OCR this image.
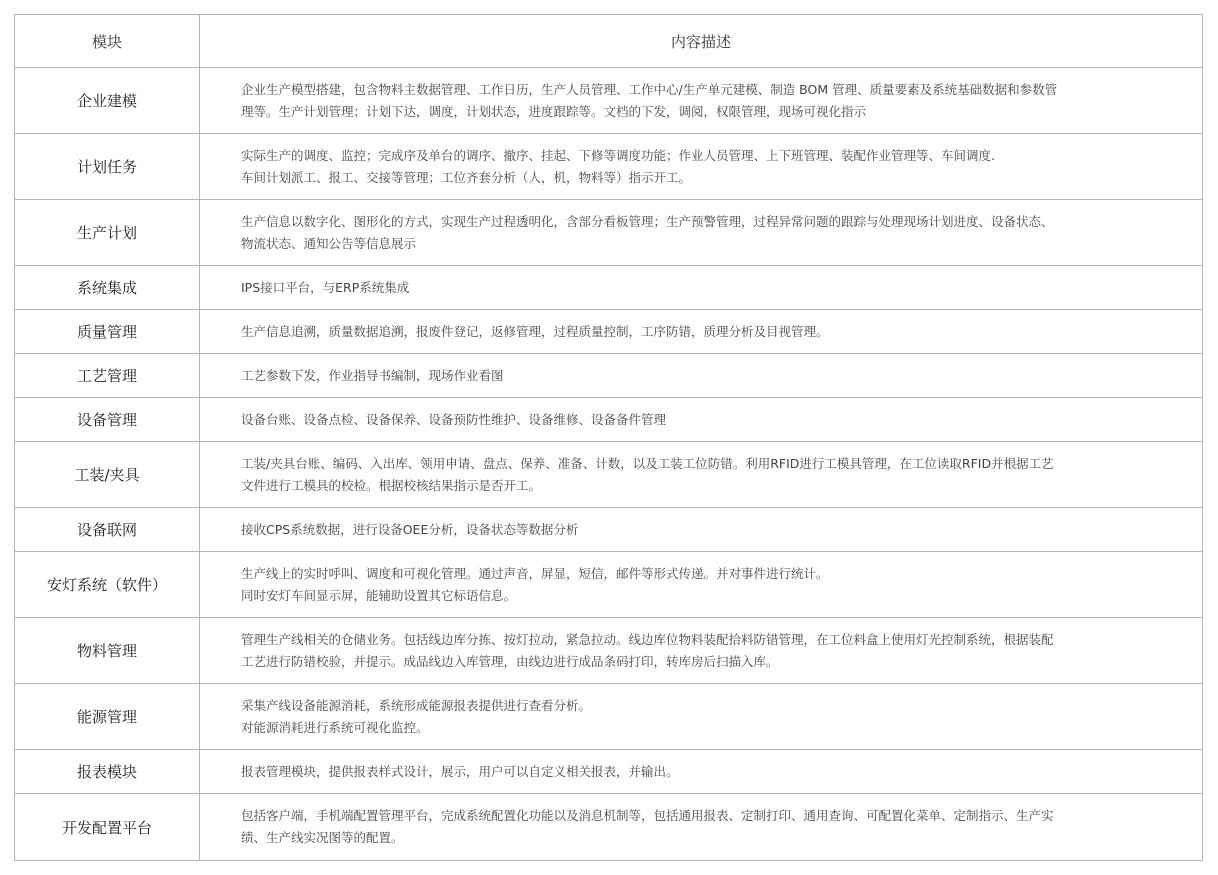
模块	内容描述
企业建模	企业生产模型搭建，包含物料主数据管理、工作日历，生产人员管理、工作中心/生产单元建模、制造 BOM 管理、质量要素及系统基础数据和参数管
理等。生产计划管理；计划下达，调度，计划状态，进度跟踪等。文档的下发，调阅，权限管理，现场可视化指示

计划任务	实际生产的调度、监控；完成序及单台的调序、撤序、挂起、下修等调度功能；作业人员管理、上下班管理、装配作业管理等、车间调度.
车间计划派工、报工、交接等管理；工位齐套分析（人，机，物料等）指示开工。

生产计划	生产信息以数字化、图形化的方式，实现生产过程透明化，含部分看板管理；生产预警管理，过程异常问题的跟踪与处理现场计划进度、设备状态、
物流状态、通知公告等信息展示

系统集成	IPS接口平台，与ERP系统集成

质量管理	生产信息追溯，质量数据追溯，报废件登记，返修管理，过程质量控制，工序防错，质理分析及目视管理。

工艺管理	工艺参数下发，作业指导书编制，现场作业看图

设备管理	设备台账、设备点检、设备保养、设备预防性维护、设备维修、设备备件管理

工装/夹具	工装/夹具台账、编码、入出库、领用申请、盘点、保养、准备、计数，以及工装工位防错。利用RFID进行工模具管理，在工位读取RFID并根据工艺
文件进行工模具的校检。根据校核结果指示是否开工。

设备联网	接收CPS系统数据，进行设备OEE分析，设备状态等数据分析

安灯系统（软件）	生产线上的实时呼叫、调度和可视化管理。通过声音，屏显，短信，邮件等形式传递。并对事件进行统计。
同时安灯车间显示屏，能辅助设置其它标语信息。

物料管理	管理生产线相关的仓储业务。包括线边库分拣、按灯拉动，紧急拉动。线边库位物料装配拾料防错管理，在工位料盒上使用灯光控制系统，根据装配
工艺进行防错校验，并提示。成品线边入库管理，由线边进行成品条码打印，转库房后扫描入库。

能源管理	采集产线设备能源消耗，系统形成能源报表提供进行查看分析。
对能源消耗进行系统可视化监控。

报表模块	报表管理模块，提供报表样式设计，展示，用户可以自定义相关报表，并输出。

开发配置平台	包括客户端，手机端配置管理平台，完成系统配置化功能以及消息机制等，包括通用报表、定制打印、通用查询、可配置化菜单、定制指示、生产实
绩、生产线实况图等的配置。
